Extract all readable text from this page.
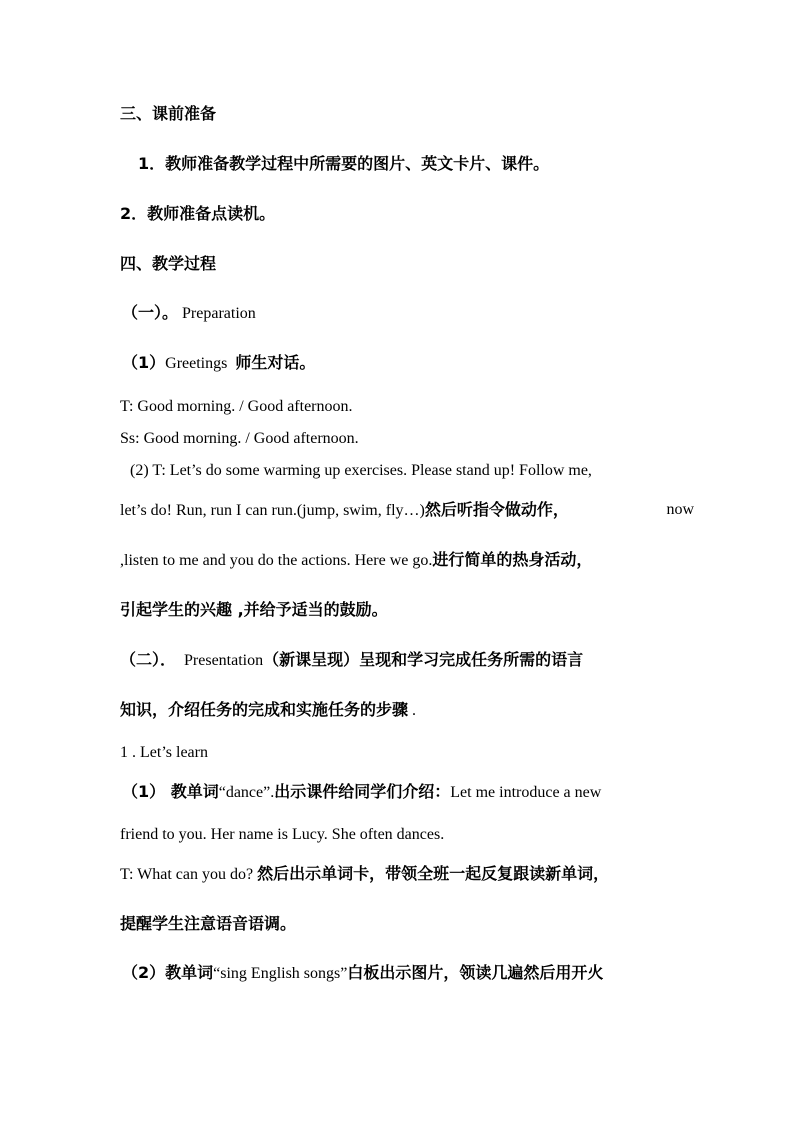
三、课前准备
1．教师准备教学过程中所需要的图片、英文卡片、课件。
2．教师准备点读机。
四、教学过程
（一）。 Preparation
（1）Greetings 师生对话。
T: Good morning. / Good afternoon.
Ss: Good morning. / Good afternoon.
(2) T: Let’s do some warming up exercises. Please stand up! Follow me,
let’s do! Run, run I can run.(jump, swim, fly…)然后听指令做动作，	now
,listen to me and you do the actions. Here we go.进行简单的热身活动，
引起学生的兴趣 ,并给予适当的鼓励。
（二）． Presentation（新课呈现）呈现和学习完成任务所需的语言
知识，介绍任务的完成和实施任务的步骤 .
1 . Let’s learn
（1） 教单词“dance”.出示课件给同学们介绍：Let me introduce a new
friend to you. Her name is Lucy. She often dances.
T: What can you do? 然后出示单词卡，带领全班一起反复跟读新单词，
提醒学生注意语音语调。
（2）教单词“sing English songs”白板出示图片，领读几遍然后用开火
